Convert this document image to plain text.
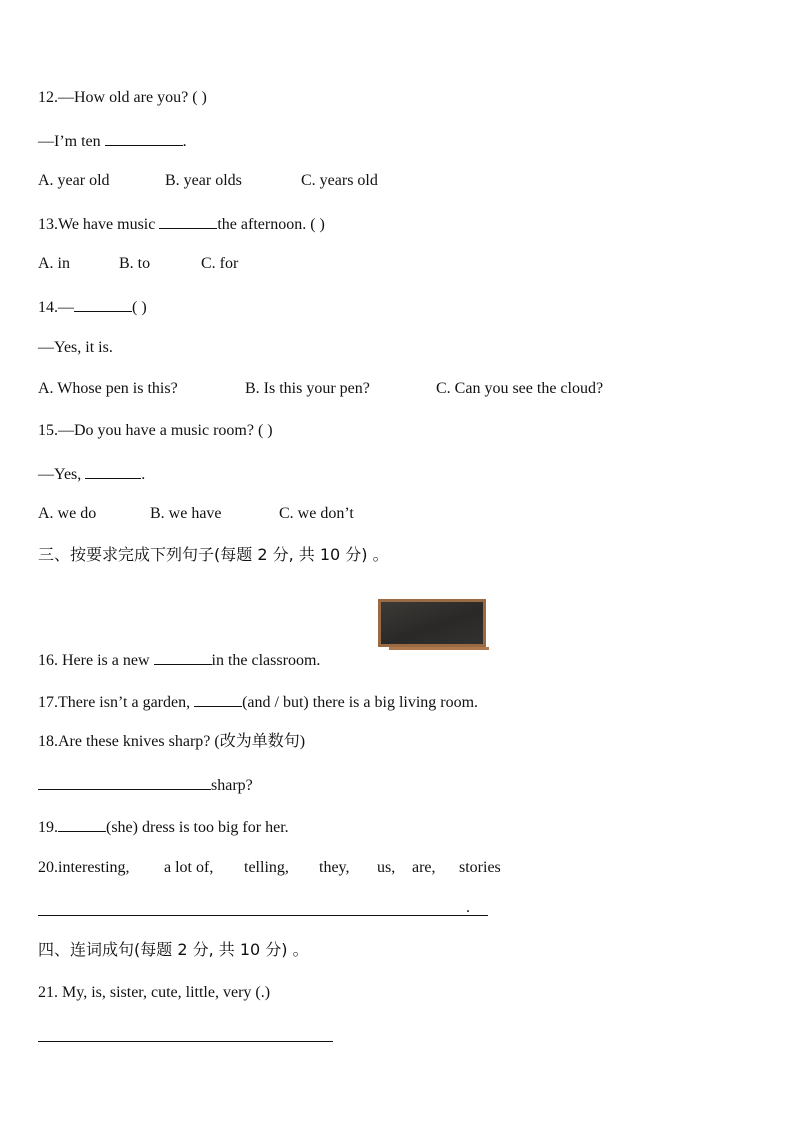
12.—How old are you? ( )
—I’m ten	.
A. year old	B. year olds	C. years old
13.We have music	the afternoon. ( )
A. in	B. to	C. for
14.—	( )
—Yes, it is.
A. Whose pen is this?	B. Is this your pen?	C. Can you see the cloud?
15.—Do you have a music room? ( )
—Yes,	.
A. we do	B. we have	C. we don’t
三、按要求完成下列句子(每题 2 分, 共 10 分) 。
16. Here is a new	in the classroom.
17.There isn’t a garden,	(and / but) there is a big living room.
18.Are these knives sharp? (改为单数句)
sharp?
19.	(she) dress is too big for her.
20.interesting, a lot of, telling, they, us, are, stories
.
四、连词成句(每题 2 分, 共 10 分) 。
21. My, is, sister, cute, little, very (.)
